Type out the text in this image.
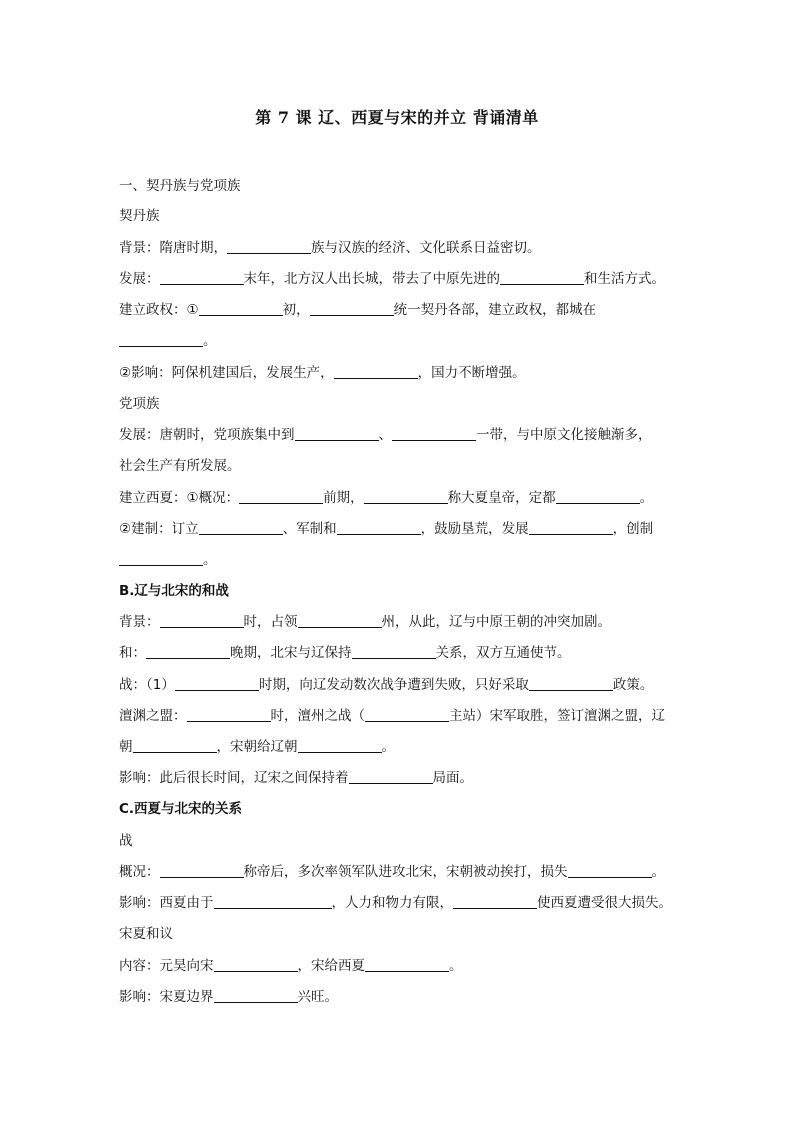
第 7 课 辽、西夏与宋的并立 背诵清单
一、契丹族与党项族
契丹族
背景：隋唐时期，	族与汉族的经济、文化联系日益密切。
发展：	末年，北方汉人出长城，带去了中原先进的	和生活方式。
建立政权：①	初，	统一契丹各部，建立政权，都城在
。
②影响：阿保机建国后，发展生产，	，国力不断增强。
党项族
发展：唐朝时，党项族集中到	、	一带，与中原文化接触渐多，
社会生产有所发展。
建立西夏：①概况：	前期，	称大夏皇帝，定都	。
②建制：订立	、军制和	，鼓励垦荒，发展	，创制
。
B.辽与北宋的和战
背景：	时，占领	州，从此，辽与中原王朝的冲突加剧。
和：	晚期，北宋与辽保持	关系，双方互通使节。
战：（1）	时期，向辽发动数次战争遭到失败，只好采取	政策。
澶渊之盟：	时，澶州之战（	主站）宋军取胜，签订澶渊之盟，辽
朝	，宋朝给辽朝	。
影响：此后很长时间，辽宋之间保持着	局面。
C.西夏与北宋的关系
战
概况：	称帝后，多次率领军队进攻北宋，宋朝被动挨打，损失	。
影响：西夏由于	，人力和物力有限，	使西夏遭受很大损失。
宋夏和议
内容：元昊向宋	，宋给西夏	。
影响：宋夏边界	兴旺。
